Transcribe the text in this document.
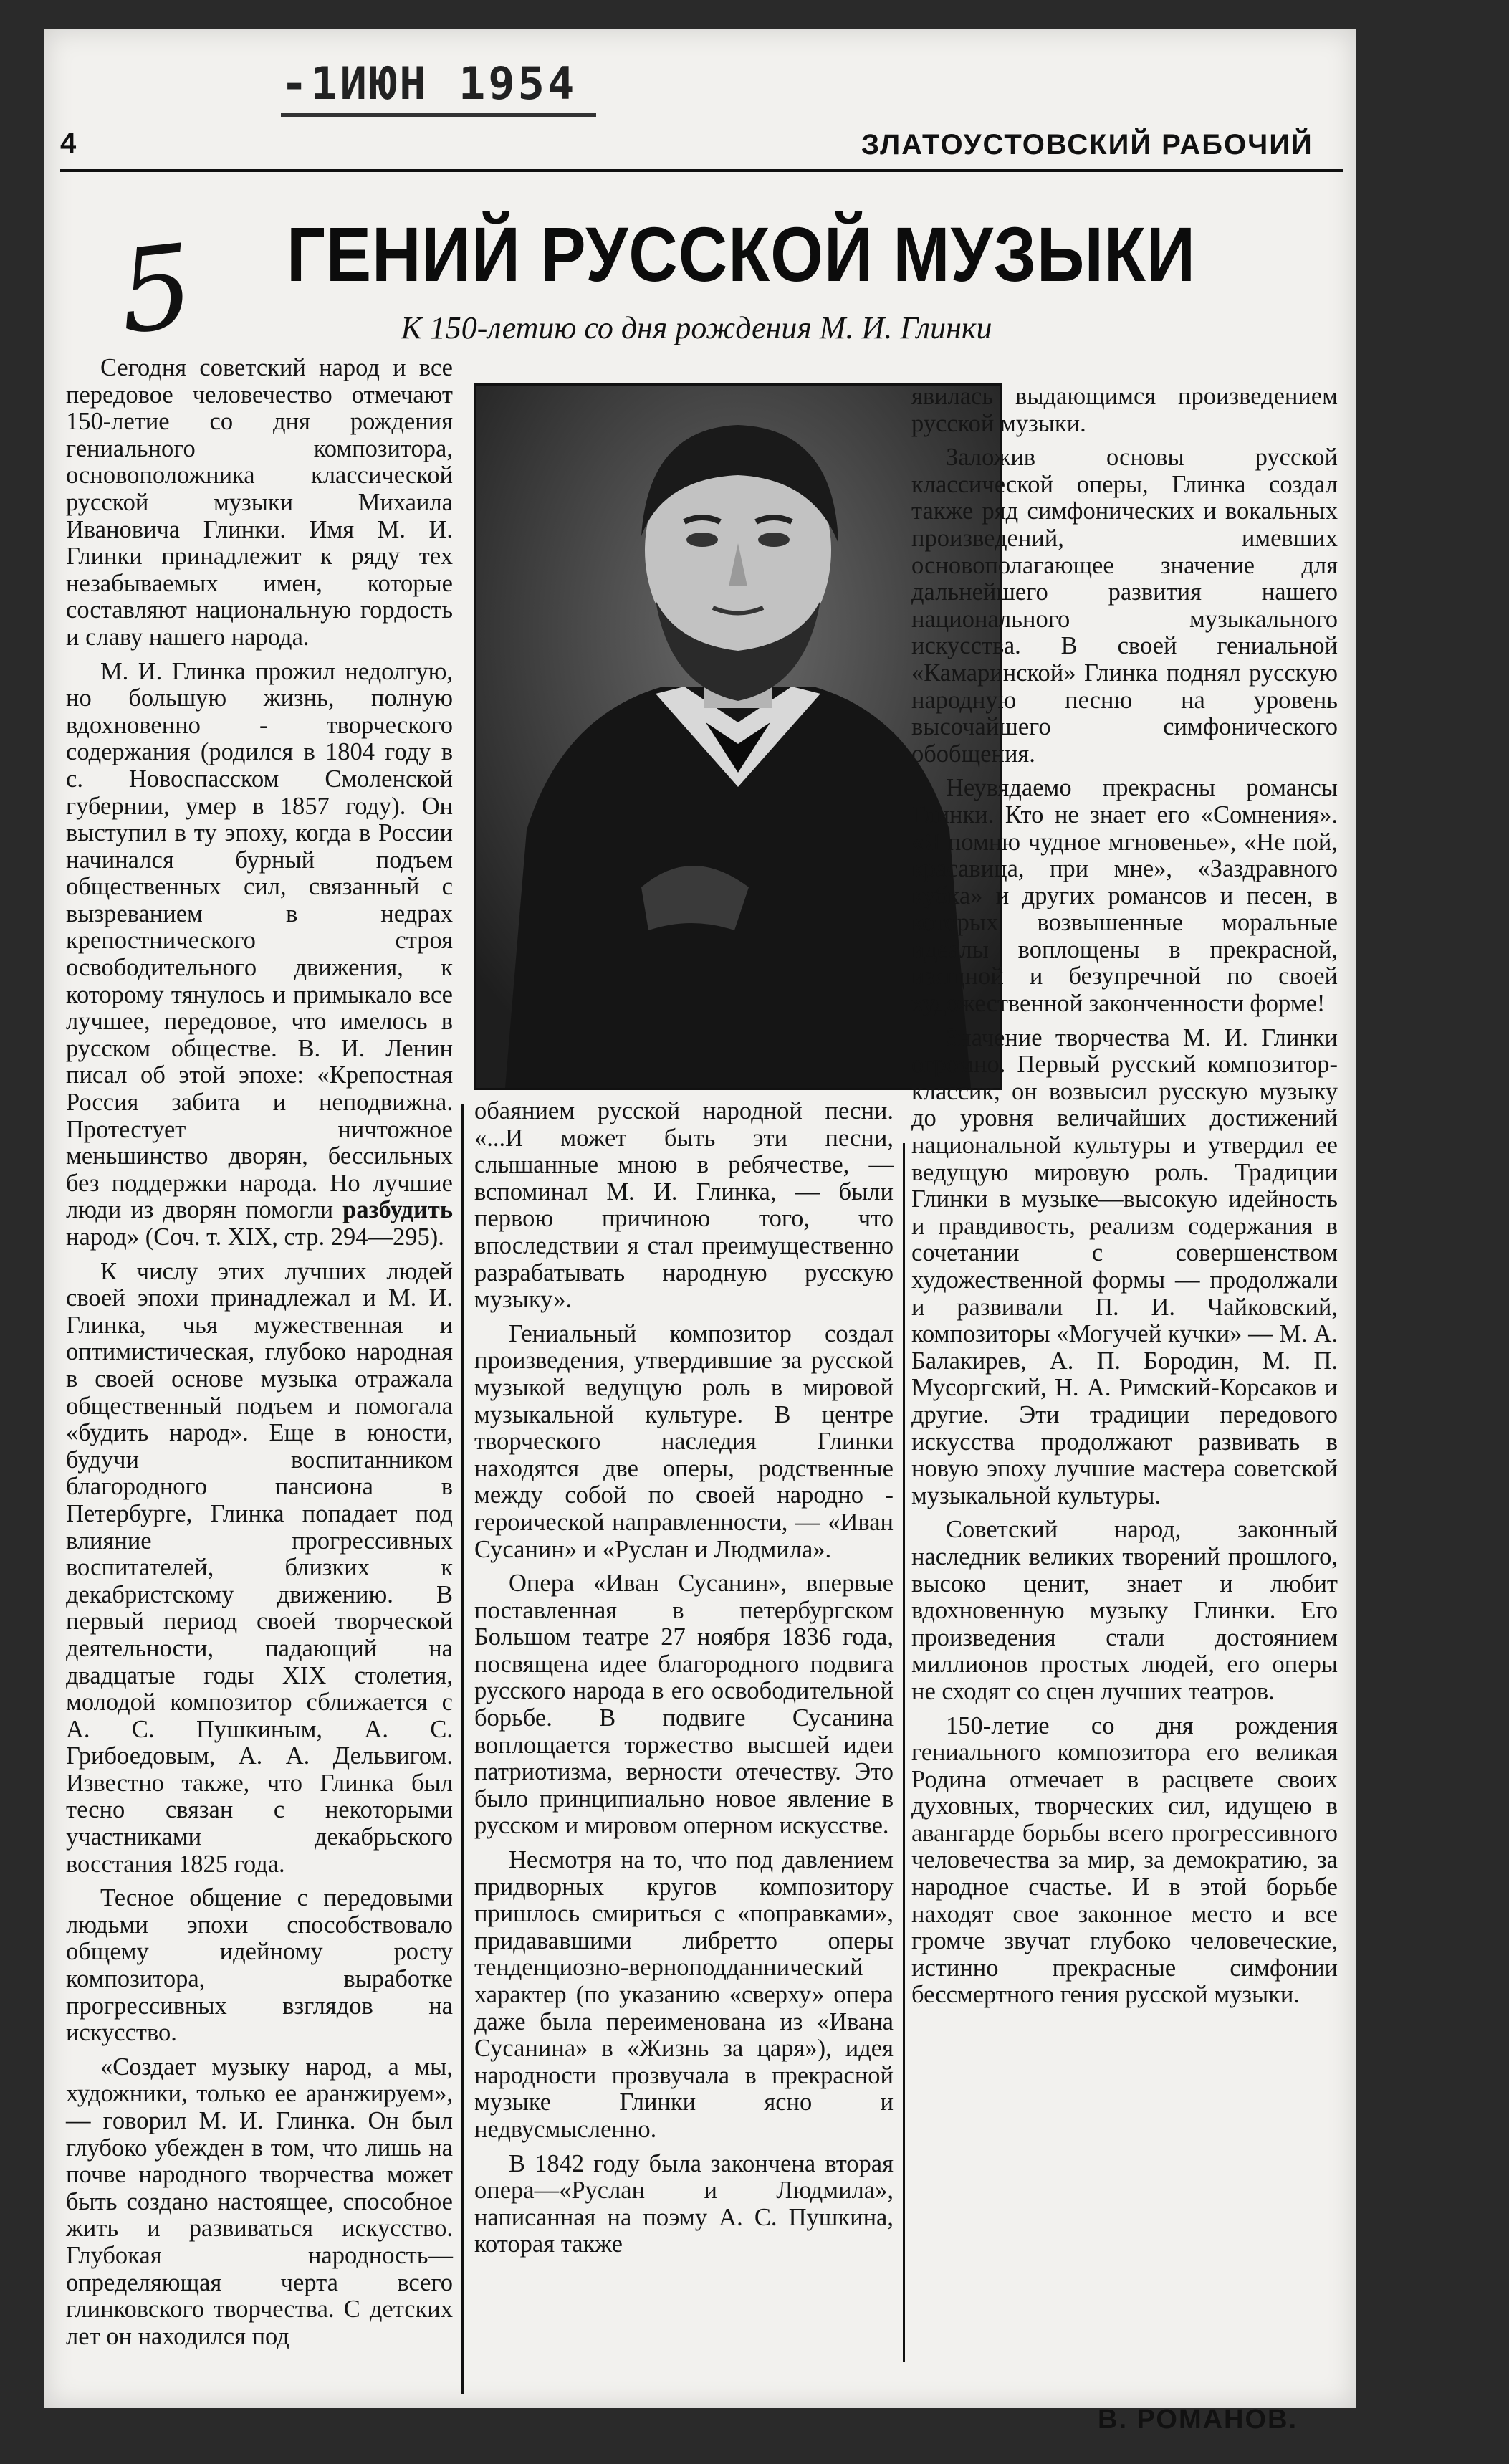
-1ИЮН 1954
4	ЗЛАТОУСТОВСКИЙ РАБОЧИЙ
5 ГЕНИЙ РУССКОЙ МУЗЫКИ
К 150-летию со дня рождения М. И. Глинки

Сегодня советский народ и все передовое человечество отмечают 150-летие со дня рождения гениального композитора, основоположника классической русской музыки Михаила Ивановича Глинки. Имя М. И. Глинки принадлежит к ряду тех незабываемых имен, которые составляют национальную гордость и славу нашего народа.

М. И. Глинка прожил недолгую, но большую жизнь, полную вдохновенно - творческого содержания (родился в 1804 году в с. Новоспасском Смоленской губернии, умер в 1857 году). Он выступил в ту эпоху, когда в России начинался бурный подъем общественных сил, связанный с вызреванием в недрах крепостнического строя освободительного движения, к которому тянулось и примыкало все лучшее, передовое, что имелось в русском обществе. В. И. Ленин писал об этой эпохе: «Крепостная Россия забита и неподвижна. Протестует ничтожное меньшинство дворян, бессильных без поддержки народа. Но лучшие люди из дворян помогли разбудить народ» (Соч. т. XIX, стр. 294—295).

К числу этих лучших людей своей эпохи принадлежал и М. И. Глинка, чья мужественная и оптимистическая, глубоко народная в своей основе музыка отражала общественный подъем и помогала «будить народ». Еще в юности, будучи воспитанником благородного пансиона в Петербурге, Глинка попадает под влияние прогрессивных воспитателей, близких к декабристскому движению. В первый период своей творческой деятельности, падающий на двадцатые годы XIX столетия, молодой композитор сближается с А. С. Пушкиным, А. С. Грибоедовым, А. А. Дельвигом. Известно также, что Глинка был тесно связан с некоторыми участниками декабрьского восстания 1825 года.

Тесное общение с передовыми людьми эпохи способствовало общему идейному росту композитора, выработке прогрессивных взглядов на искусство.

«Создает музыку народ, а мы, художники, только ее аранжируем», — говорил М. И. Глинка. Он был глубоко убежден в том, что лишь на почве народного творчества может быть создано настоящее, способное жить и развиваться искусство. Глубокая народность—определяющая черта всего глинковского творчества. С детских лет он находился под

обаянием русской народной песни. «...И может быть эти песни, слышанные мною в ребячестве, — вспоминал М. И. Глинка, — были первою причиною того, что впоследствии я стал преимущественно разрабатывать народную русскую музыку».

Гениальный композитор создал произведения, утвердившие за русской музыкой ведущую роль в мировой музыкальной культуре. В центре творческого наследия Глинки находятся две оперы, родственные между собой по своей народно - героической направленности, — «Иван Сусанин» и «Руслан и Людмила».

Опера «Иван Сусанин», впервые поставленная в петербургском Большом театре 27 ноября 1836 года, посвящена идее благородного подвига русского народа в его освободительной борьбе. В подвиге Сусанина воплощается торжество высшей идеи патриотизма, верности отечеству. Это было принципиально новое явление в русском и мировом оперном искусстве.

Несмотря на то, что под давлением придворных кругов композитору пришлось смириться с «поправками», придававшими либретто оперы тенденциозно-верноподданнический характер (по указанию «сверху» опера даже была переименована из «Ивана Сусанина» в «Жизнь за царя»), идея народности прозвучала в прекрасной музыке Глинки ясно и недвусмысленно.

В 1842 году была закончена вторая опера—«Руслан и Людмила», написанная на поэму А. С. Пушкина, которая также

явилась выдающимся произведением русской музыки.

Заложив основы русской классической оперы, Глинка создал также ряд симфонических и вокальных произведений, имевших основополагающее значение для дальнейшего развития нашего национального музыкального искусства. В своей гениальной «Камаринской» Глинка поднял русскую народную песню на уровень высочайшего симфонического обобщения.

Неувядаемо прекрасны романсы Глинки. Кто не знает его «Сомнения». «Я помню чудное мгновенье», «Не пой, красавица, при мне», «Заздравного кубка» и других романсов и песен, в которых возвышенные моральные идеалы воплощены в прекрасной, изящной и безупречной по своей художественной законченности форме!

Значение творчества М. И. Глинки огромно. Первый русский композитор-классик, он возвысил русскую музыку до уровня величайших достижений национальной культуры и утвердил ее ведущую мировую роль. Традиции Глинки в музыке—высокую идейность и правдивость, реализм содержания в сочетании с совершенством художественной формы — продолжали и развивали П. И. Чайковский, композиторы «Могучей кучки» — М. А. Балакирев, А. П. Бородин, М. П. Мусоргский, Н. А. Римский-Корсаков и другие. Эти традиции передового искусства продолжают развивать в новую эпоху лучшие мастера советской музыкальной культуры.

Советский народ, законный наследник великих творений прошлого, высоко ценит, знает и любит вдохновенную музыку Глинки. Его произведения стали достоянием миллионов простых людей, его оперы не сходят со сцен лучших театров.

150-летие со дня рождения гениального композитора его великая Родина отмечает в расцвете своих духовных, творческих сил, идущею в авангарде борьбы всего прогрессивного человечества за мир, за демократию, за народное счастье. И в этой борьбе находят свое законное место и все громче звучат глубоко человеческие, истинно прекрасные симфонии бессмертного гения русской музыки.

В. РОМАНОВ.
